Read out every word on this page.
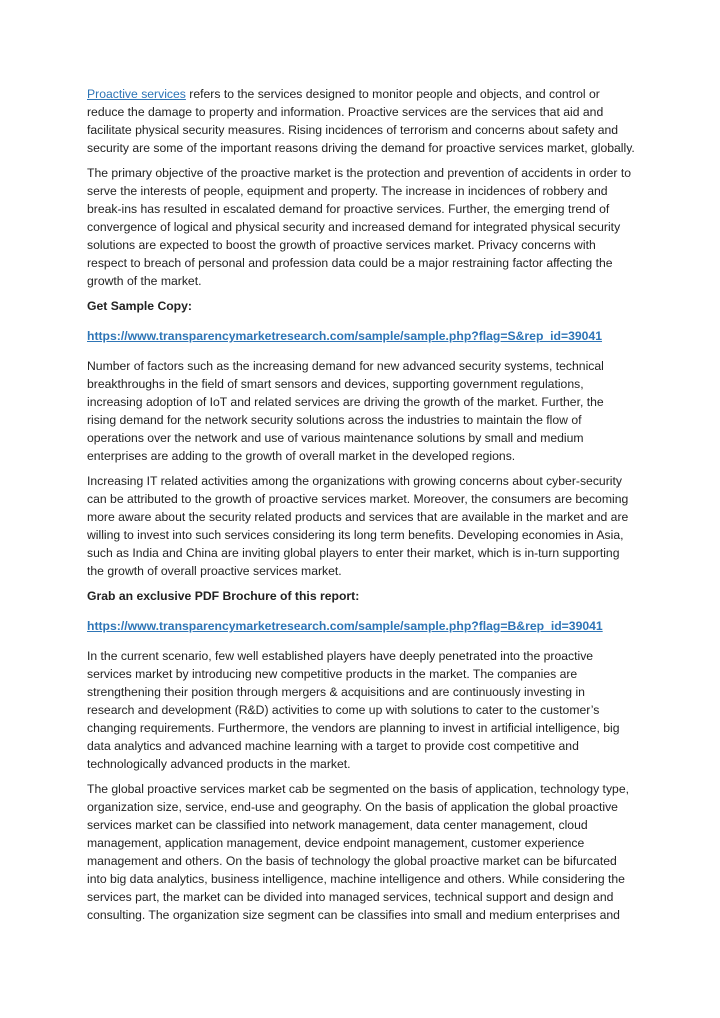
Proactive services refers to the services designed to monitor people and objects, and control or reduce the damage to property and information. Proactive services are the services that aid and facilitate physical security measures. Rising incidences of terrorism and concerns about safety and security are some of the important reasons driving the demand for proactive services market, globally.

The primary objective of the proactive market is the protection and prevention of accidents in order to serve the interests of people, equipment and property. The increase in incidences of robbery and break-ins has resulted in escalated demand for proactive services. Further, the emerging trend of convergence of logical and physical security and increased demand for integrated physical security solutions are expected to boost the growth of proactive services market. Privacy concerns with respect to breach of personal and profession data could be a major restraining factor affecting the growth of the market.

Get Sample Copy:

https://www.transparencymarketresearch.com/sample/sample.php?flag=S&rep_id=39041

Number of factors such as the increasing demand for new advanced security systems, technical breakthroughs in the field of smart sensors and devices, supporting government regulations, increasing adoption of IoT and related services are driving the growth of the market. Further, the rising demand for the network security solutions across the industries to maintain the flow of operations over the network and use of various maintenance solutions by small and medium enterprises are adding to the growth of overall market in the developed regions.

Increasing IT related activities among the organizations with growing concerns about cyber-security can be attributed to the growth of proactive services market. Moreover, the consumers are becoming more aware about the security related products and services that are available in the market and are willing to invest into such services considering its long term benefits. Developing economies in Asia, such as India and China are inviting global players to enter their market, which is in-turn supporting the growth of overall proactive services market.

Grab an exclusive PDF Brochure of this report:

https://www.transparencymarketresearch.com/sample/sample.php?flag=B&rep_id=39041

In the current scenario, few well established players have deeply penetrated into the proactive services market by introducing new competitive products in the market. The companies are strengthening their position through mergers & acquisitions and are continuously investing in research and development (R&D) activities to come up with solutions to cater to the customer’s changing requirements. Furthermore, the vendors are planning to invest in artificial intelligence, big data analytics and advanced machine learning with a target to provide cost competitive and technologically advanced products in the market.

The global proactive services market cab be segmented on the basis of application, technology type, organization size, service, end-use and geography. On the basis of application the global proactive services market can be classified into network management, data center management, cloud management, application management, device endpoint management, customer experience management and others. On the basis of technology the global proactive market can be bifurcated into big data analytics, business intelligence, machine intelligence and others. While considering the services part, the market can be divided into managed services, technical support and design and consulting. The organization size segment can be classifies into small and medium enterprises and
